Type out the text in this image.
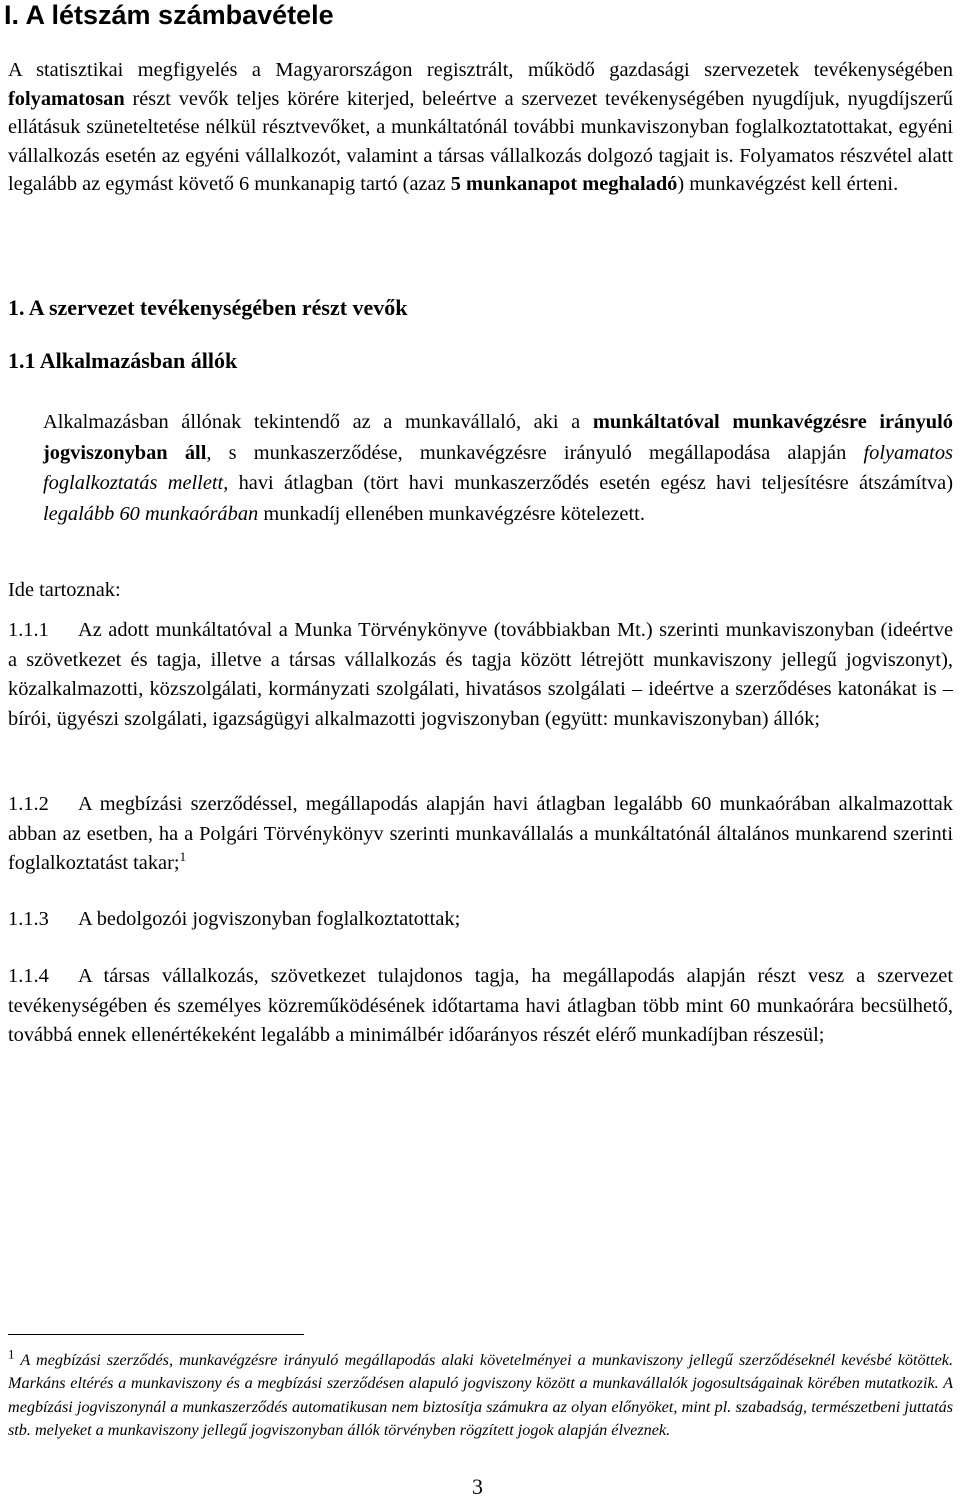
I. A létszám számbavétele

A statisztikai megfigyelés a Magyarországon regisztrált, működő gazdasági szervezetek tevékenységében folyamatosan részt vevők teljes körére kiterjed, beleértve a szervezet tevékenységében nyugdíjuk, nyugdíjszerű ellátásuk szüneteltetése nélkül résztvevőket, a munkáltatónál további munkaviszonyban foglalkoztatottakat, egyéni vállalkozás esetén az egyéni vállalkozót, valamint a társas vállalkozás dolgozó tagjait is. Folyamatos részvétel alatt legalább az egymást követő 6 munkanapig tartó (azaz 5 munkanapot meghaladó) munkavégzést kell érteni.

1. A szervezet tevékenységében részt vevők
1.1 Alkalmazásban állók

Alkalmazásban állónak tekintendő az a munkavállaló, aki a munkáltatóval munkavégzésre irányuló jogviszonyban áll, s munkaszerződése, munkavégzésre irányuló megállapodása alapján folyamatos foglalkoztatás mellett, havi átlagban (tört havi munkaszerződés esetén egész havi teljesítésre átszámítva) legalább 60 munkaórában munkadíj ellenében munkavégzésre kötelezett.

Ide tartoznak:

1.1.1 Az adott munkáltatóval a Munka Törvénykönyve (továbbiakban Mt.) szerinti munkaviszonyban (ideértve a szövetkezet és tagja, illetve a társas vállalkozás és tagja között létrejött munkaviszony jellegű jogviszonyt), közalkalmazotti, közszolgálati, kormányzati szolgálati, hivatásos szolgálati – ideértve a szerződéses katonákat is – bírói, ügyészi szolgálati, igazságügyi alkalmazotti jogviszonyban (együtt: munkaviszonyban) állók;

1.1.2 A megbízási szerződéssel, megállapodás alapján havi átlagban legalább 60 munkaórában alkalmazottak abban az esetben, ha a Polgári Törvénykönyv szerinti munkavállalás a munkáltatónál általános munkarend szerinti foglalkoztatást takar;$^1$

1.1.3 A bedolgozói jogviszonyban foglalkoztatottak;

1.1.4 A társas vállalkozás, szövetkezet tulajdonos tagja, ha megállapodás alapján részt vesz a szervezet tevékenységében és személyes közreműködésének időtartama havi átlagban több mint 60 munkaórára becsülhető, továbbá ennek ellenértékeként legalább a minimálbér időarányos részét elérő munkadíjban részesül;

$^1$ A megbízási szerződés, munkavégzésre irányuló megállapodás alaki követelményei a munkaviszony jellegű szerződéseknél kevésbé kötöttek. Markáns eltérés a munkaviszony és a megbízási szerződésen alapuló jogviszony között a munkavállalók jogosultságainak körében mutatkozik. A megbízási jogviszonynál a munkaszerződés automatikusan nem biztosítja számukra az olyan előnyöket, mint pl. szabadság, természetbeni juttatás stb. melyeket a munkaviszony jellegű jogviszonyban állók törvényben rögzített jogok alapján élveznek.

3
